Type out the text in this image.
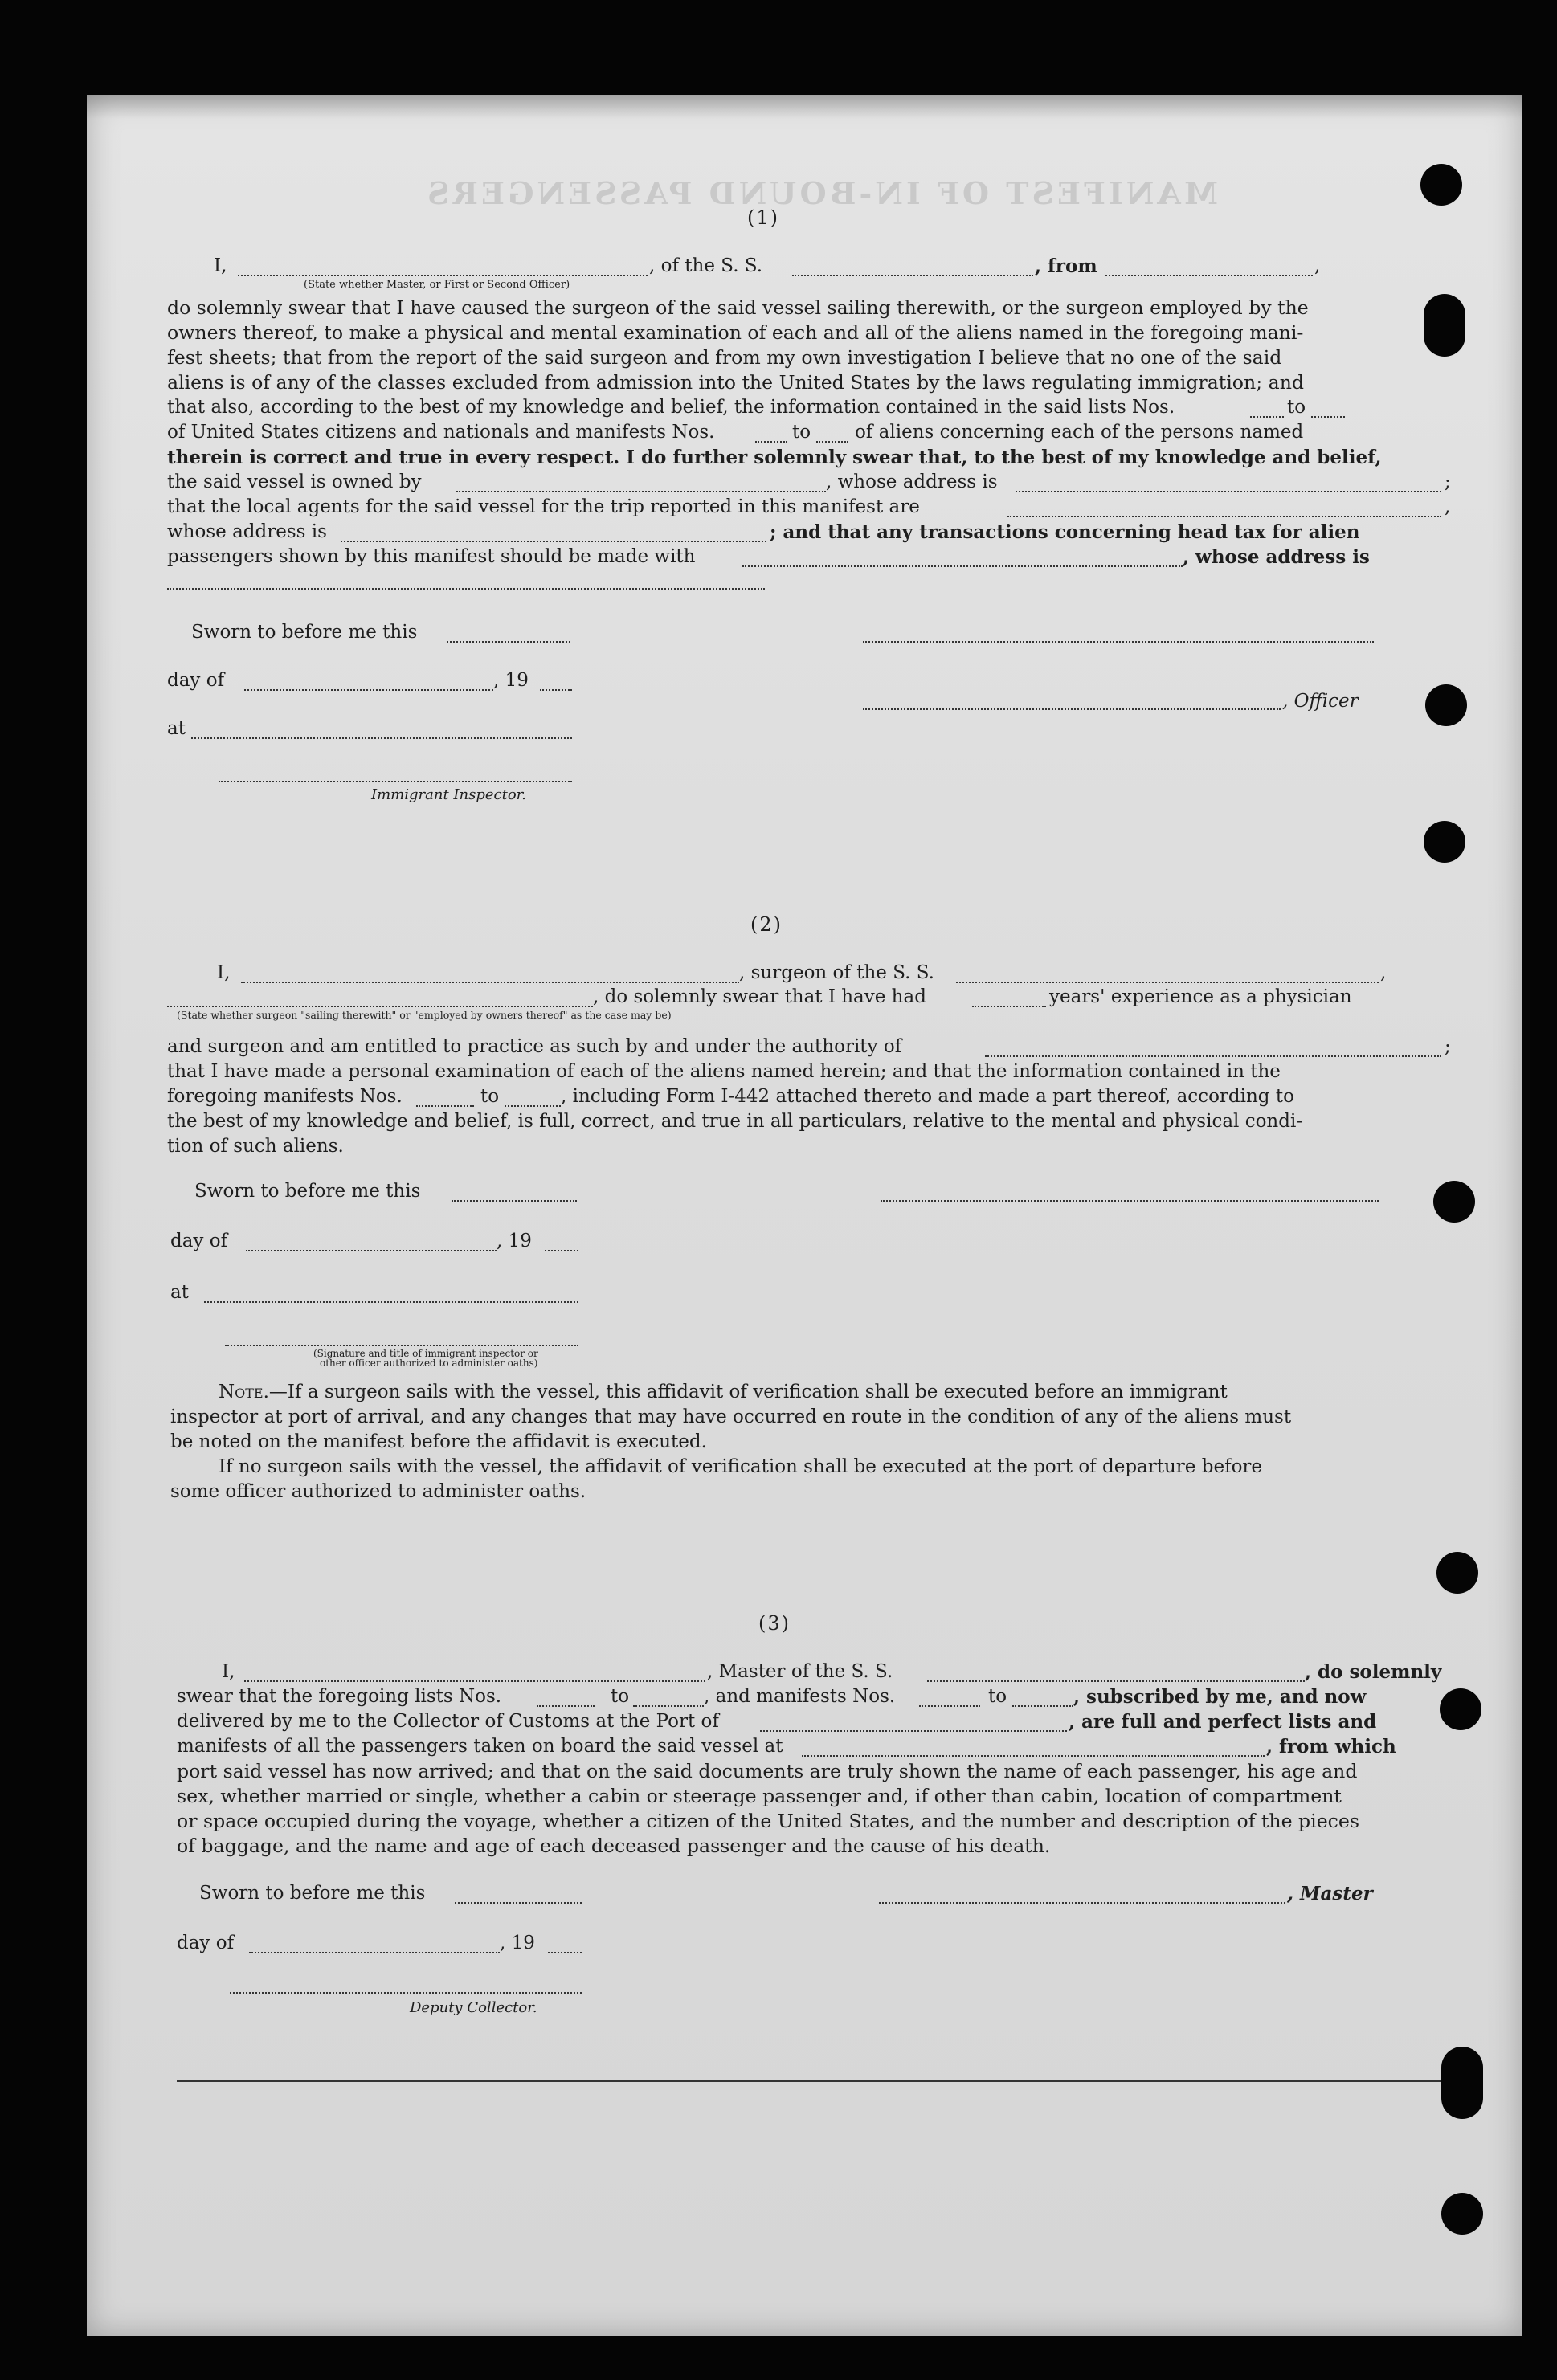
MANIFEST OF IN-BOUND PASSENGERS
(1)
I,	, of the S. S.	, from	,
(State whether Master, or First or Second Officer)
do solemnly swear that I have caused the surgeon of the said vessel sailing therewith, or the surgeon employed by the
owners thereof, to make a physical and mental examination of each and all of the aliens named in the foregoing mani-
fest sheets; that from the report of the said surgeon and from my own investigation I believe that no one of the said
aliens is of any of the classes excluded from admission into the United States by the laws regulating immigration; and
that also, according to the best of my knowledge and belief, the information contained in the said lists Nos.	to
of United States citizens and nationals and manifests Nos.	to of aliens concerning each of the persons named
therein is correct and true in every respect. I do further solemnly swear that, to the best of my knowledge and belief,
the said vessel is owned by	, whose address is	;
that the local agents for the said vessel for the trip reported in this manifest are	,
whose address is	; and that any transactions concerning head tax for alien
passengers shown by this manifest should be made with	, whose address is
Sworn to before me this
day of	, 19
, Officer
at
Immigrant Inspector.
(2)
I,	, surgeon of the S. S.	,
, do solemnly swear that I have had	years' experience as a physician
(State whether surgeon "sailing therewith" or "employed by owners thereof" as the case may be)
and surgeon and am entitled to practice as such by and under the authority of	;
that I have made a personal examination of each of the aliens named herein; and that the information contained in the
foregoing manifests Nos.	to	, including Form I-442 attached thereto and made a part thereof, according to
the best of my knowledge and belief, is full, correct, and true in all particulars, relative to the mental and physical condi-
tion of such aliens.
Sworn to before me this
day of	, 19
at
(Signature and title of immigrant inspector or
other officer authorized to administer oaths)
Note.—If a surgeon sails with the vessel, this affidavit of verification shall be executed before an immigrant
inspector at port of arrival, and any changes that may have occurred en route in the condition of any of the aliens must
be noted on the manifest before the affidavit is executed.
If no surgeon sails with the vessel, the affidavit of verification shall be executed at the port of departure before
some officer authorized to administer oaths.
(3)
I,	, Master of the S. S.	, do solemnly
swear that the foregoing lists Nos.	to	, and manifests Nos.	to	, subscribed by me, and now
delivered by me to the Collector of Customs at the Port of	, are full and perfect lists and
manifests of all the passengers taken on board the said vessel at	, from which
port said vessel has now arrived; and that on the said documents are truly shown the name of each passenger, his age and
sex, whether married or single, whether a cabin or steerage passenger and, if other than cabin, location of compartment
or space occupied during the voyage, whether a citizen of the United States, and the number and description of the pieces
of baggage, and the name and age of each deceased passenger and the cause of his death.
Sworn to before me this	, Master
day of	, 19
Deputy Collector.
